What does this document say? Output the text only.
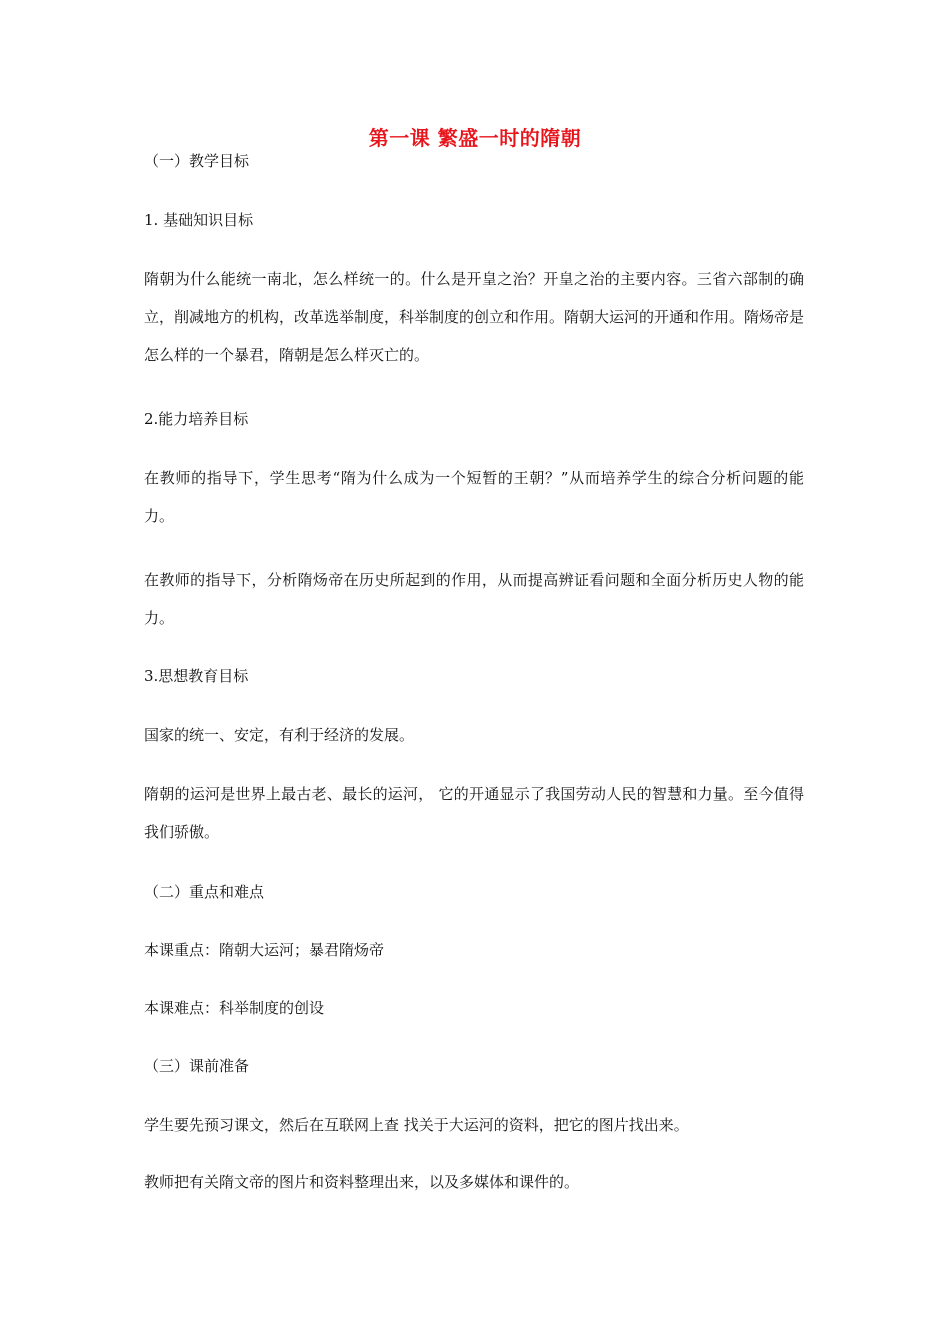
第一课 繁盛一时的隋朝
（一）教学目标
1. 基础知识目标
隋朝为什么能统一南北，怎么样统一的。什么是开皇之治？开皇之治的主要内容。三省六部制的确立，削减地方的机构，改革选举制度，科举制度的创立和作用。隋朝大运河的开通和作用。隋炀帝是怎么样的一个暴君，隋朝是怎么样灭亡的。
2.能力培养目标
在教师的指导下，学生思考“隋为什么成为一个短暂的王朝？”从而培养学生的综合分析问题的能力。
在教师的指导下，分析隋炀帝在历史所起到的作用，从而提高辨证看问题和全面分析历史人物的能力。
3.思想教育目标
国家的统一、安定，有利于经济的发展。
隋朝的运河是世界上最古老、最长的运河， 它的开通显示了我国劳动人民的智慧和力量。至今值得我们骄傲。
（二）重点和难点
本课重点：隋朝大运河；暴君隋炀帝
本课难点：科举制度的创设
（三）课前准备
学生要先预习课文，然后在互联网上查 找关于大运河的资料，把它的图片找出来。
教师把有关隋文帝的图片和资料整理出来，以及多媒体和课件的。
